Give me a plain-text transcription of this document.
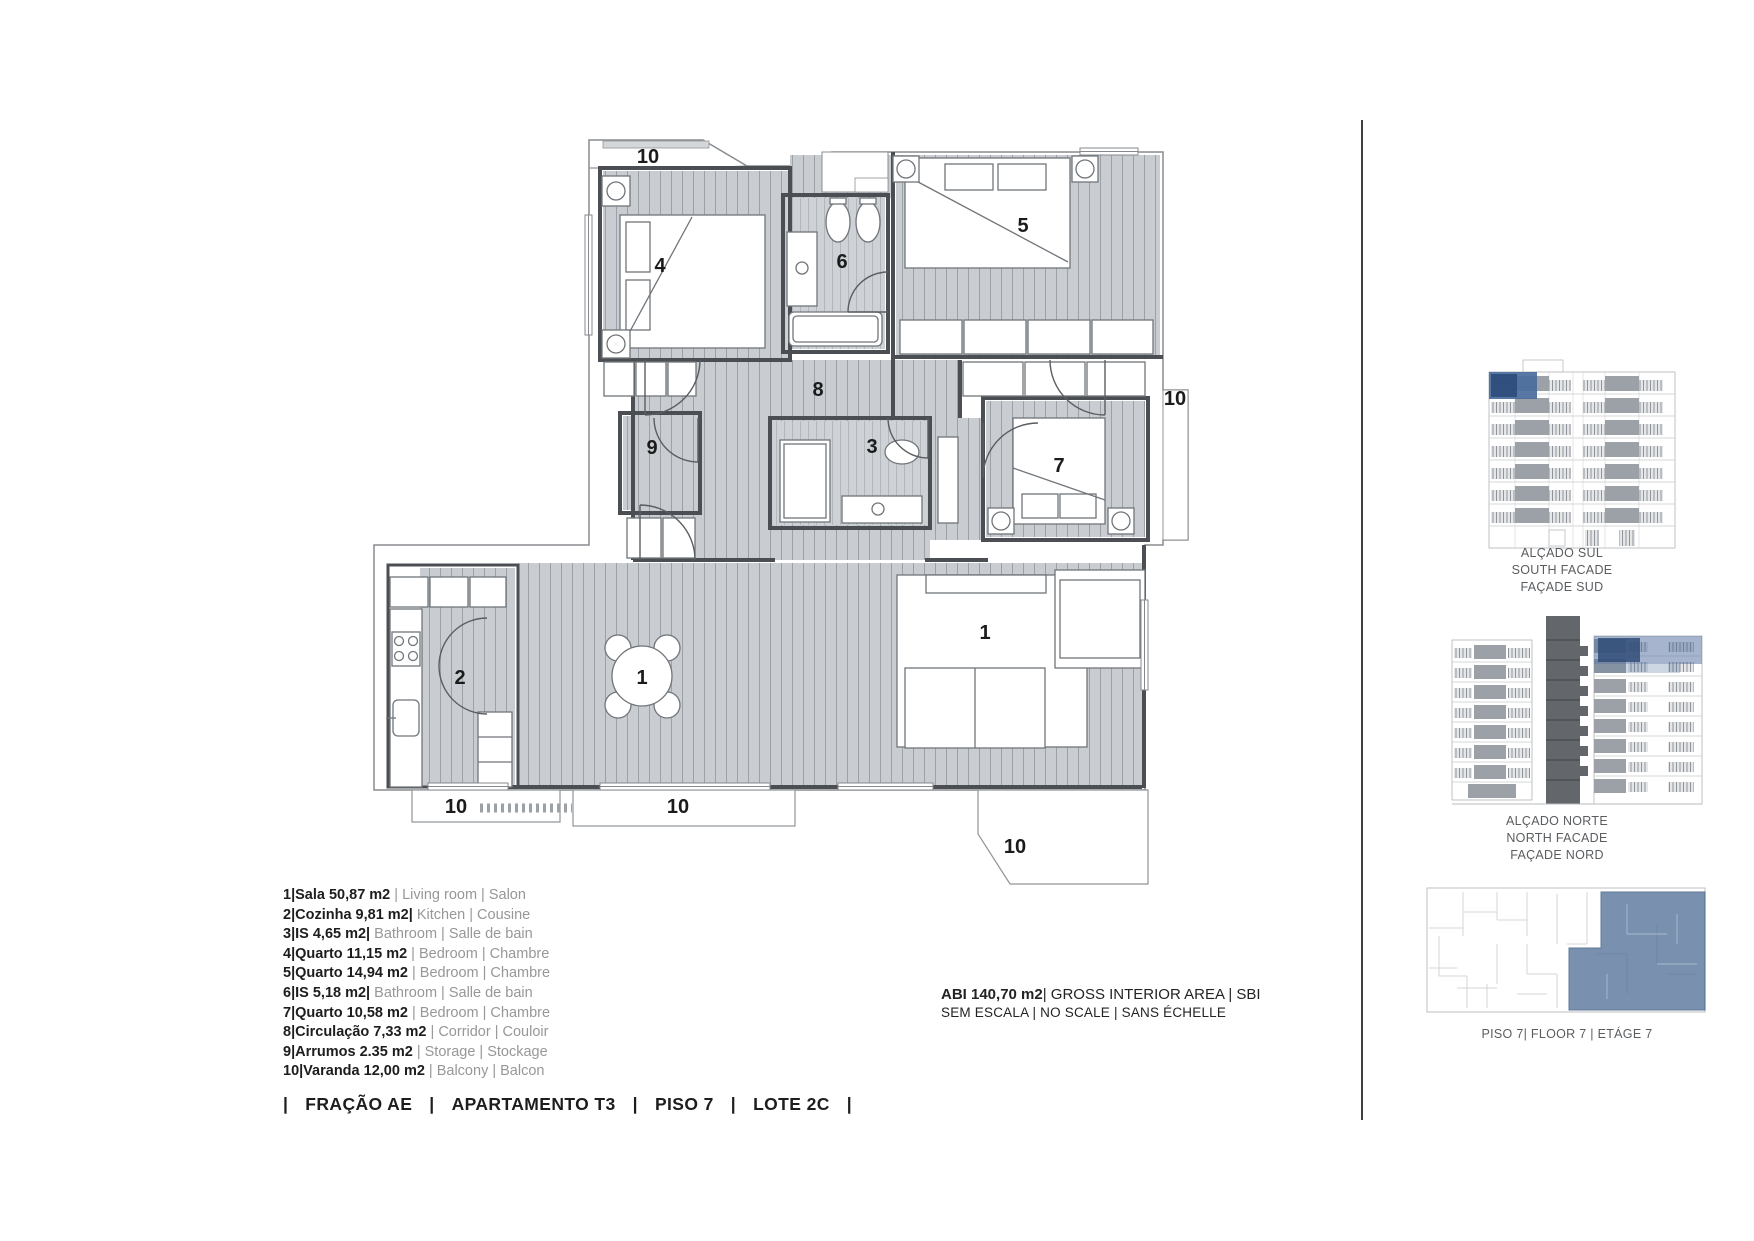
4	6
5
8
9	3
7
2	1
1
10
10
10	10
10
1|Sala 50,87 m2 | Living room | Salon
2|Cozinha 9,81 m2| Kitchen | Cousine
3|IS 4,65 m2| Bathroom | Salle de bain
4|Quarto 11,15 m2 | Bedroom | Chambre
5|Quarto 14,94 m2 | Bedroom | Chambre
6|IS 5,18 m2| Bathroom | Salle de bain
7|Quarto 10,58 m2 | Bedroom | Chambre
8|Circulação 7,33 m2 | Corridor | Couloir
9|Arrumos 2.35 m2 | Storage | Stockage
10|Varanda 12,00 m2 | Balcony | Balcon
ABI 140,70 m2| GROSS INTERIOR AREA | SBI
SEM ESCALA | NO SCALE | SANS ÉCHELLE
| FRAÇÃO AE | APARTAMENTO T3 | PISO 7 | LOTE 2C |
ALÇADO SUL
SOUTH FACADE
FAÇADE SUD
ALÇADO NORTE
NORTH FACADE
FAÇADE NORD
PISO 7| FLOOR 7 | ETÁGE 7
